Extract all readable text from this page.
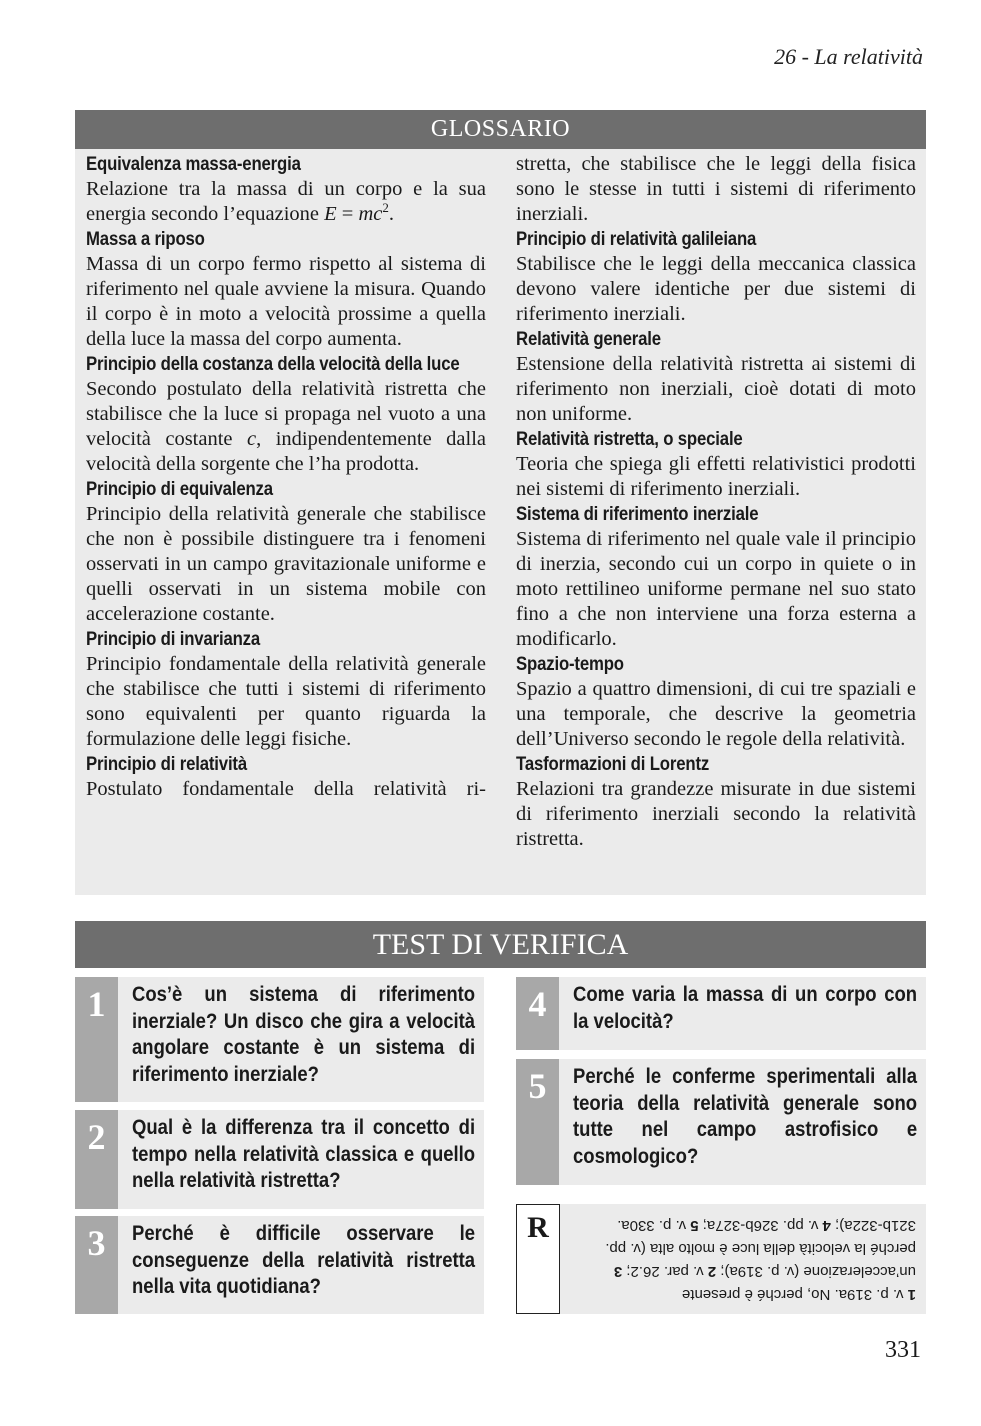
26 - La relatività
GLOSSARIO
Equivalenza massa-energia
Relazione tra la massa di un corpo e la sua energia secondo l’equazione $E = mc^2$.
Massa a riposo
Massa di un corpo fermo rispetto al sistema di riferimento nel quale avviene la misura. Quando il corpo è in moto a velocità prossime a quella della luce la massa del corpo aumenta.
Principio della costanza della velocità della luce
Secondo postulato della relatività ristretta che stabilisce che la luce si propaga nel vuoto a una velocità costante c, indipendentemente dalla velocità della sorgente che l’ha prodotta.
Principio di equivalenza
Principio della relatività generale che stabilisce che non è possibile distinguere tra i fenomeni osservati in un campo gravitazionale uniforme e quelli osservati in un sistema mobile con accelerazione costante.
Principio di invarianza
Principio fondamentale della relatività generale che stabilisce che tutti i sistemi di riferimento sono equivalenti per quanto riguarda la formulazione delle leggi fisiche.
Principio di relatività
Postulato fondamentale della relatività ri-
stretta, che stabilisce che le leggi della fisica sono le stesse in tutti i sistemi di riferimento inerziali.
Principio di relatività galileiana
Stabilisce che le leggi della meccanica classica devono valere identiche per due sistemi di riferimento inerziali.
Relatività generale
Estensione della relatività ristretta ai sistemi di riferimento non inerziali, cioè dotati di moto non uniforme.
Relatività ristretta, o speciale
Teoria che spiega gli effetti relativistici prodotti nei sistemi di riferimento inerziali.
Sistema di riferimento inerziale
Sistema di riferimento nel quale vale il principio di inerzia, secondo cui un corpo in quiete o in moto rettilineo uniforme permane nel suo stato fino a che non interviene una forza esterna a modificarlo.
Spazio-tempo
Spazio a quattro dimensioni, di cui tre spaziali e una temporale, che descrive la geometria dell’Universo secondo le regole della relatività.
Tasformazioni di Lorentz
Relazioni tra grandezze misurate in due sistemi di riferimento inerziali secondo la relatività ristretta.
TEST DI VERIFICA
1	Cos’è un sistema di riferimento inerziale? Un disco che gira a velocità angolare costante è un sistema di riferimento inerziale?
2	Qual è la differenza tra il concetto di tempo nella relatività classica e quello nella relatività ristretta?
3	Perché è difficile osservare le conseguenze della relatività ristretta nella vita quotidiana?
4	Come varia la massa di un corpo con la velocità?
5	Perché le conferme sperimentali alla teoria della relatività generale sono tutte nel campo astrofisico e cosmologico?
R
1 v. p. 319a. No, perché è presente un’accelerazione (v. p. 319a); 2 v. par. 26.2; 3 perché la velocità della luce è molto alta (v. pp. 321b-322a); 4 v. pp. 326b-327a; 5 v. p. 330a.
331
